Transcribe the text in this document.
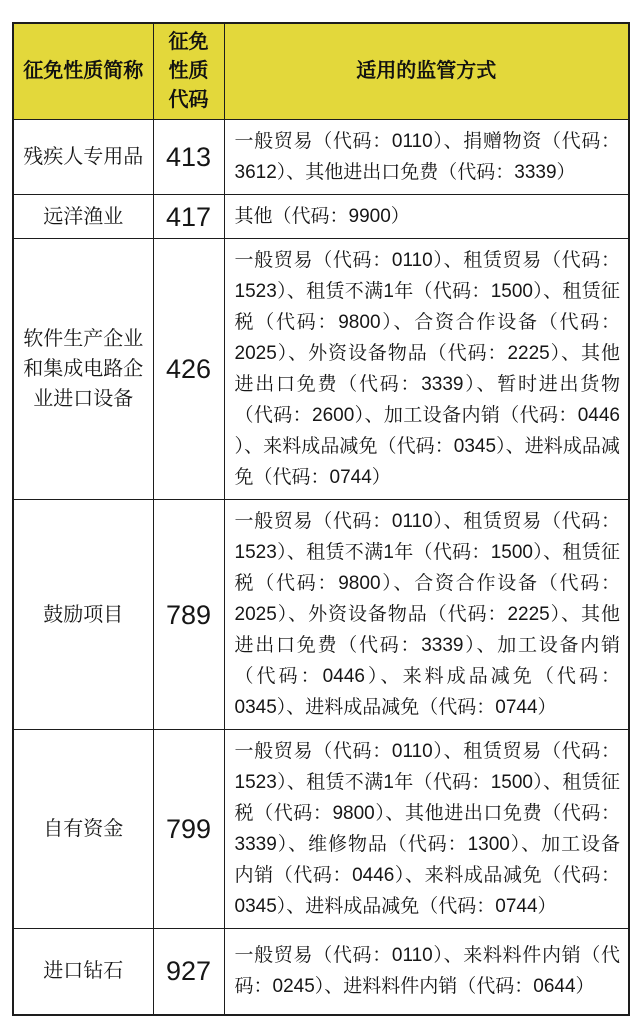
征免性质简称	征免性质代码	适用的监管方式
残疾人专用品	413	一般贸易（代码：0110）、捐赠物资（代码：3612）、其他进出口免费（代码：3339）
远洋渔业	417	其他（代码：9900）
软件生产企业和集成电路企业进口设备	426	一般贸易（代码：0110）、租赁贸易（代码：1523）、租赁不满1年（代码：1500）、租赁征税（代码：9800）、合资合作设备（代码：2025）、外资设备物品（代码：2225）、其他进出口免费（代码：3339）、暂时进出货物（代码：2600）、加工设备内销（代码：0446 ）、来料成品减免（代码：0345）、进料成品减免（代码：0744）
鼓励项目	789	一般贸易（代码：0110）、租赁贸易（代码：1523）、租赁不满1年（代码：1500）、租赁征税（代码：9800）、合资合作设备（代码：2025）、外资设备物品（代码：2225）、其他进出口免费（代码：3339）、加工设备内销（代码：0446）、来料成品减免（代码：0345）、进料成品减免（代码：0744）
自有资金	799	一般贸易（代码：0110）、租赁贸易（代码：1523）、租赁不满1年（代码：1500）、租赁征税（代码：9800）、其他进出口免费（代码：3339）、维修物品（代码：1300）、加工设备内销（代码：0446）、来料成品减免（代码：0345）、进料成品减免（代码：0744）
进口钻石	927	一般贸易（代码：0110）、来料料件内销（代码：0245）、进料料件内销（代码：0644）
